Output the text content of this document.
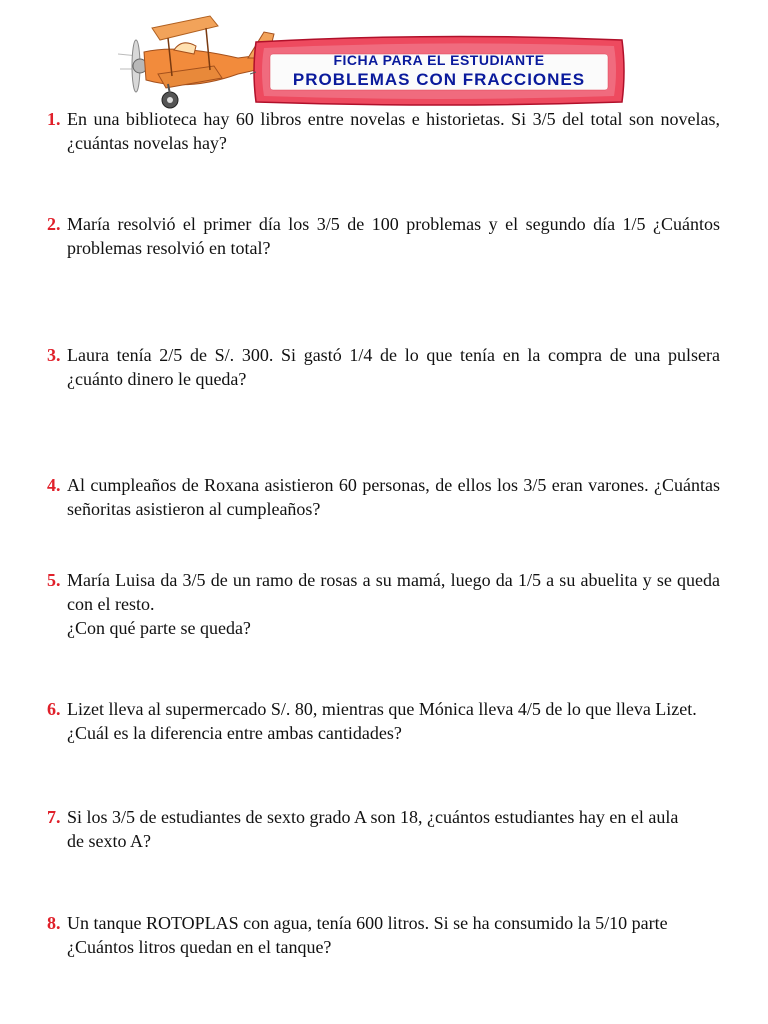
FICHA PARA EL ESTUDIANTE
PROBLEMAS CON FRACCIONES
1. En una biblioteca hay 60 libros entre novelas e historietas. Si 3/5 del total son novelas, ¿cuántas novelas hay?
2. María resolvió el primer día los 3/5 de 100 problemas y el segundo día 1/5 ¿Cuántos problemas resolvió en total?
3. Laura tenía 2/5 de S/. 300. Si gastó 1/4 de lo que tenía en la compra de una pulsera ¿cuánto dinero le queda?
4. Al cumpleaños de Roxana asistieron 60 personas, de ellos los 3/5 eran varones. ¿Cuántas señoritas asistieron al cumpleaños?
5. María Luisa da 3/5 de un ramo de rosas a su mamá, luego da 1/5 a su abuelita y se queda con el resto.
¿Con qué parte se queda?
6. Lizet lleva al supermercado S/. 80, mientras que Mónica lleva 4/5 de lo que lleva Lizet. ¿Cuál es la diferencia entre ambas cantidades?
7. Si los 3/5 de estudiantes de sexto grado A son 18, ¿cuántos estudiantes hay en el aula de sexto A?
8. Un tanque ROTOPLAS con agua, tenía 600 litros. Si se ha consumido la 5/10 parte ¿Cuántos litros quedan en el tanque?
